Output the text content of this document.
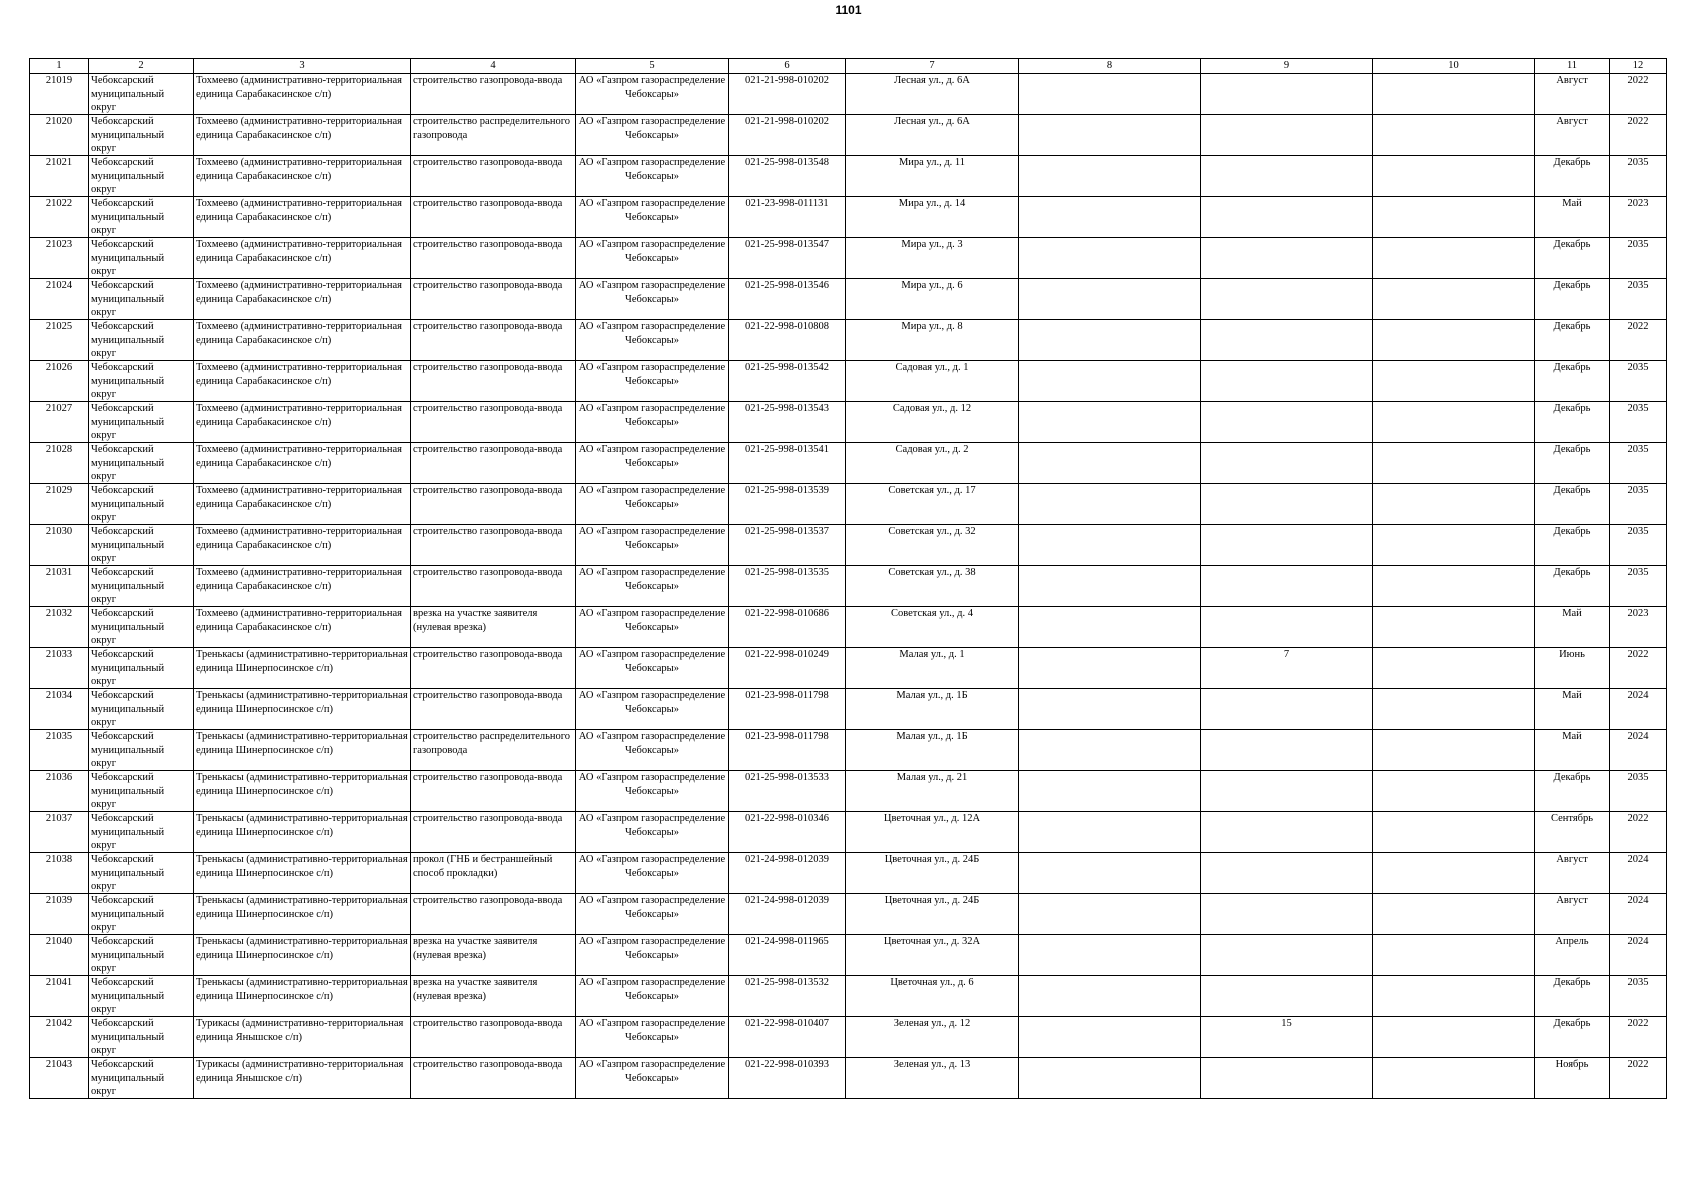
1101
1	2	3	4	5	6	7	8	9	10	11	12

21019	Чебоксарский муниципальный округ	Тохмеево (административно-территориальная единица Сарабакасинское с/п)	строительство газопровода-ввода	АО «Газпром газораспределение Чебоксары»	021-21-998-010202	Лесная ул., д. 6А				Август	2022

21020	Чебоксарский муниципальный округ	Тохмеево (административно-территориальная единица Сарабакасинское с/п)	строительство распределительного газопровода	АО «Газпром газораспределение Чебоксары»	021-21-998-010202	Лесная ул., д. 6А				Август	2022

21021	Чебоксарский муниципальный округ	Тохмеево (административно-территориальная единица Сарабакасинское с/п)	строительство газопровода-ввода	АО «Газпром газораспределение Чебоксары»	021-25-998-013548	Мира ул., д. 11				Декабрь	2035

21022	Чебоксарский муниципальный округ	Тохмеево (административно-территориальная единица Сарабакасинское с/п)	строительство газопровода-ввода	АО «Газпром газораспределение Чебоксары»	021-23-998-011131	Мира ул., д. 14				Май	2023

21023	Чебоксарский муниципальный округ	Тохмеево (административно-территориальная единица Сарабакасинское с/п)	строительство газопровода-ввода	АО «Газпром газораспределение Чебоксары»	021-25-998-013547	Мира ул., д. 3				Декабрь	2035

21024	Чебоксарский муниципальный округ	Тохмеево (административно-территориальная единица Сарабакасинское с/п)	строительство газопровода-ввода	АО «Газпром газораспределение Чебоксары»	021-25-998-013546	Мира ул., д. 6				Декабрь	2035

21025	Чебоксарский муниципальный округ	Тохмеево (административно-территориальная единица Сарабакасинское с/п)	строительство газопровода-ввода	АО «Газпром газораспределение Чебоксары»	021-22-998-010808	Мира ул., д. 8				Декабрь	2022

21026	Чебоксарский муниципальный округ	Тохмеево (административно-территориальная единица Сарабакасинское с/п)	строительство газопровода-ввода	АО «Газпром газораспределение Чебоксары»	021-25-998-013542	Садовая ул., д. 1				Декабрь	2035

21027	Чебоксарский муниципальный округ	Тохмеево (административно-территориальная единица Сарабакасинское с/п)	строительство газопровода-ввода	АО «Газпром газораспределение Чебоксары»	021-25-998-013543	Садовая ул., д. 12				Декабрь	2035

21028	Чебоксарский муниципальный округ	Тохмеево (административно-территориальная единица Сарабакасинское с/п)	строительство газопровода-ввода	АО «Газпром газораспределение Чебоксары»	021-25-998-013541	Садовая ул., д. 2				Декабрь	2035

21029	Чебоксарский муниципальный округ	Тохмеево (административно-территориальная единица Сарабакасинское с/п)	строительство газопровода-ввода	АО «Газпром газораспределение Чебоксары»	021-25-998-013539	Советская ул., д. 17				Декабрь	2035

21030	Чебоксарский муниципальный округ	Тохмеево (административно-территориальная единица Сарабакасинское с/п)	строительство газопровода-ввода	АО «Газпром газораспределение Чебоксары»	021-25-998-013537	Советская ул., д. 32				Декабрь	2035

21031	Чебоксарский муниципальный округ	Тохмеево (административно-территориальная единица Сарабакасинское с/п)	строительство газопровода-ввода	АО «Газпром газораспределение Чебоксары»	021-25-998-013535	Советская ул., д. 38				Декабрь	2035

21032	Чебоксарский муниципальный округ	Тохмеево (административно-территориальная единица Сарабакасинское с/п)	врезка на участке заявителя (нулевая врезка)	АО «Газпром газораспределение Чебоксары»	021-22-998-010686	Советская ул., д. 4				Май	2023

21033	Чебоксарский муниципальный округ	Тренькасы (административно-территориальная единица Шинерпосинское с/п)	строительство газопровода-ввода	АО «Газпром газораспределение Чебоксары»	021-22-998-010249	Малая ул., д. 1		7		Июнь	2022

21034	Чебоксарский муниципальный округ	Тренькасы (административно-территориальная единица Шинерпосинское с/п)	строительство газопровода-ввода	АО «Газпром газораспределение Чебоксары»	021-23-998-011798	Малая ул., д. 1Б				Май	2024

21035	Чебоксарский муниципальный округ	Тренькасы (административно-территориальная единица Шинерпосинское с/п)	строительство распределительного газопровода	АО «Газпром газораспределение Чебоксары»	021-23-998-011798	Малая ул., д. 1Б				Май	2024

21036	Чебоксарский муниципальный округ	Тренькасы (административно-территориальная единица Шинерпосинское с/п)	строительство газопровода-ввода	АО «Газпром газораспределение Чебоксары»	021-25-998-013533	Малая ул., д. 21				Декабрь	2035

21037	Чебоксарский муниципальный округ	Тренькасы (административно-территориальная единица Шинерпосинское с/п)	строительство газопровода-ввода	АО «Газпром газораспределение Чебоксары»	021-22-998-010346	Цветочная ул., д. 12А				Сентябрь	2022

21038	Чебоксарский муниципальный округ	Тренькасы (административно-территориальная единица Шинерпосинское с/п)	прокол (ГНБ и бестраншейный способ прокладки)	АО «Газпром газораспределение Чебоксары»	021-24-998-012039	Цветочная ул., д. 24Б				Август	2024

21039	Чебоксарский муниципальный округ	Тренькасы (административно-территориальная единица Шинерпосинское с/п)	строительство газопровода-ввода	АО «Газпром газораспределение Чебоксары»	021-24-998-012039	Цветочная ул., д. 24Б				Август	2024

21040	Чебоксарский муниципальный округ	Тренькасы (административно-территориальная единица Шинерпосинское с/п)	врезка на участке заявителя (нулевая врезка)	АО «Газпром газораспределение Чебоксары»	021-24-998-011965	Цветочная ул., д. 32А				Апрель	2024

21041	Чебоксарский муниципальный округ	Тренькасы (административно-территориальная единица Шинерпосинское с/п)	врезка на участке заявителя (нулевая врезка)	АО «Газпром газораспределение Чебоксары»	021-25-998-013532	Цветочная ул., д. 6				Декабрь	2035

21042	Чебоксарский муниципальный округ	Турикасы (административно-территориальная единица Янышское с/п)	строительство газопровода-ввода	АО «Газпром газораспределение Чебоксары»	021-22-998-010407	Зеленая ул., д. 12		15		Декабрь	2022

21043	Чебоксарский муниципальный округ	Турикасы (административно-территориальная единица Янышское с/п)	строительство газопровода-ввода	АО «Газпром газораспределение Чебоксары»	021-22-998-010393	Зеленая ул., д. 13				Ноябрь	2022
